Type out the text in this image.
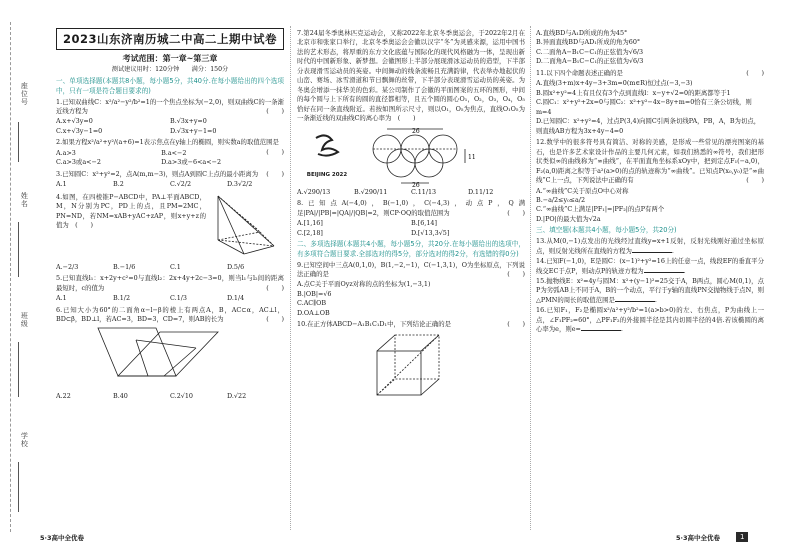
座位号
姓名
班级
学校
2023山东济南历城二中高二上期中试卷
考试范围：第一章~第三章
测试建议用时：120分钟　　满分：150分
一、单项选择题(本题共8小题，每小题5分，共40分.在每小题给出的四个选项中，只有一项是符合题目要求的)
1.已知双曲线C：x²/a²−y²/b²=1的一个焦点坐标为(−2,0)，则双曲线C的一条渐近线方程为	(　　)
A.x+√3y=0	B.√3x+y=0
C.x+√3y−1=0	D.√3x+y−1=0
2.如果方程x²/a²+y²/(a+6)=1表示焦点在y轴上的椭圆，则实数a的取值范围是
(　　)
A.a>3	B.a<−2
C.a>3或a<−2	D.a>3或−6<a<−2
3.已知圆C：x²+y²=2，点A(m,m−3)，则点A到圆C上点的最小距离为 (　　)
A.1	B.2	C.√2/2	D.3√2/2
4.如图，在四棱锥P−ABCD中，PA⊥平面ABCD，M，N分别为PC，PD上的点，且PM=2MC，PN=ND，若NM=xAB+yAC+zAP，则x+y+z的值为　(　　)
A.−2/3	B.−1/6	C.1	D.5/6
5.已知直线l₁：x+2y+c²=0与直线l₂：2x+4y+2c−3=0，则当l₁与l₂间的距离最短时，c的值为	(　　)
A.1	B.1/2	C.1/3	D.1/4
6.已知大小为60°的二面角α−l−β的棱上有两点A，B，AC⊂α，AC⊥l，BD⊂β，BD⊥l，若AC=3，BD=3，CD=7，则AB的长为	(　　)
A.22	B.40	C.2√10	D.√22
7.第24届冬季奥林匹克运动会，又称2022年北京冬季奥运会，于2022年2月在北京市和张家口举行，北京冬季奥运会会徽以汉字“冬”为灵感来源，运用中国书法的艺术形态，将厚重的东方文化底蕴与国际化的现代风格融为一体，呈现出新时代的中国新形象、新梦想。会徽图形上半部分展现滑冰运动员的造型，下半部分表现滑雪运动员的英姿。中间舞动的线条流畅且充满韵律，代表举办地起伏的山峦、赛场、冰雪滑道和节日飘舞的丝带，下半部分表现滑雪运动员的英姿。为冬奥会增添一抹华美的色彩。某公司制作了会徽的平面图案的五环的图形，中间的每个圆与上下所有的圆的直径都相等，且五个圆的圆心O₁，O₂，O₃，O₄，O₅恰好在同一条直线附近。若按如图所示尺寸，则以O₁，O₅为焦点，直线O₁O₅为一条渐近线的双曲线C的离心率为　(　　)
BEIJING 2022
26
11
26
A.√290/13	B.√290/11	C.11/13	D.11/12
8.已知点A(−4,0)，B(−1,0)，C(−4,3)，动点P，Q满足|PA|/|PB|=|QA|/|QB|=2，则CP·OQ的取值范围为	(　　)
A.[1,16]	B.[6,14]
C.[2,18]	D.[√13,3√5]
二、多项选择题(本题共4小题，每小题5分，共20分.在每小题给出的选项中，有多项符合题目要求.全部选对的得5分，部分选对的得2分，有选错的得0分)
9.已知空间中三点A(0,1,0)，B(1,−2,−1)，C(−1,3,1)，O为坐标原点，下列说法正确的是	(　　)
A.点C关于平面Oyz对称的点的坐标为(1,−3,1)
B.|OB|=√6
C.AC∥OB
D.OA⊥OB
10.在正方体ABCD−A₁B₁C₁D₁中，下列结论正确的是	(　　)
A.直线BD与A₁D所成的角为45°
B.异面直线BD与AD₁所成的角为60°
C.二面角A−B₁C−C₁的正弦值为√6/3
D.二面角A−B₁C−C₁的正弦值为√6/3
11.以下四个命题表述正确的是	(　　)
A.直线(3+m)x+4y−3+3m=0(m∈R)恒过点(−3,−3)
B.圆x²+y²=4上有且仅有3个点到直线l：x−y+√2=0的距离都等于1
C.圆C₁：x²+y²+2x=0与圆C₂：x²+y²−4x−8y+m=0恰有三条公切线，则m=4
D.已知圆C：x²+y²=4，过点P(3,4)向圆C引两条切线PA，PB，A，B为切点，则直线AB方程为3x+4y−4=0
12.数学中的很多符号具有简洁、对称的美感，是形成一些常见的漂亮图案的基石，也是许多艺术家设计作品的主要几何元素，如我们熟悉的∞符号，我们把形状类似∞的曲线称为“∞曲线”，在平面直角坐标系xOy中，把到定点F₁(−a,0)，F₂(a,0)距离之积等于a²(a>0)的点的轨迹称为“∞曲线”。已知点P(x₀,y₀)是“∞曲线”C上一点，下列说法中正确的有	(　　)
A.“∞曲线”C关于原点O中心对称
B.−a/2≤y₀≤a/2
C.“∞曲线”C上满足|PF₁|=|PF₂|的点P有两个
D.|PO|的最大值为√2a
三、填空题(本题共4小题，每小题5分，共20分)
13.从M(0,−1)点发出的光线经过直线y=x+1反射，反射光线刚好通过坐标原点，则反射光线所在直线的方程为	.
14.已知F(−1,0)，E是圆C：(x−1)²+y²=16上的任意一点，线段EF的垂直平分线交EC于点P，则动点P的轨迹方程为	.
15.抛物线E：x²=4y与圆M：x²+(y−1)²=25交于A，B两点，圆心M(0,1)，点P为劣弧AB上不同于A，B的一个动点，平行于y轴的直线PN交抛物线于点N，则△PMN的周长的取值范围是	.
16.已知F₁，F₂是椭圆x²/a²+y²/b²=1(a>b>0)的左、右焦点，P为曲线上一点，∠F₁PF₂=60°，△PF₁F₂的外接圆半径是其内切圆半径的4倍.若该椭圆的离心率为e，则e=	.
5·3高中全优卷	5·3高中全优卷	1
